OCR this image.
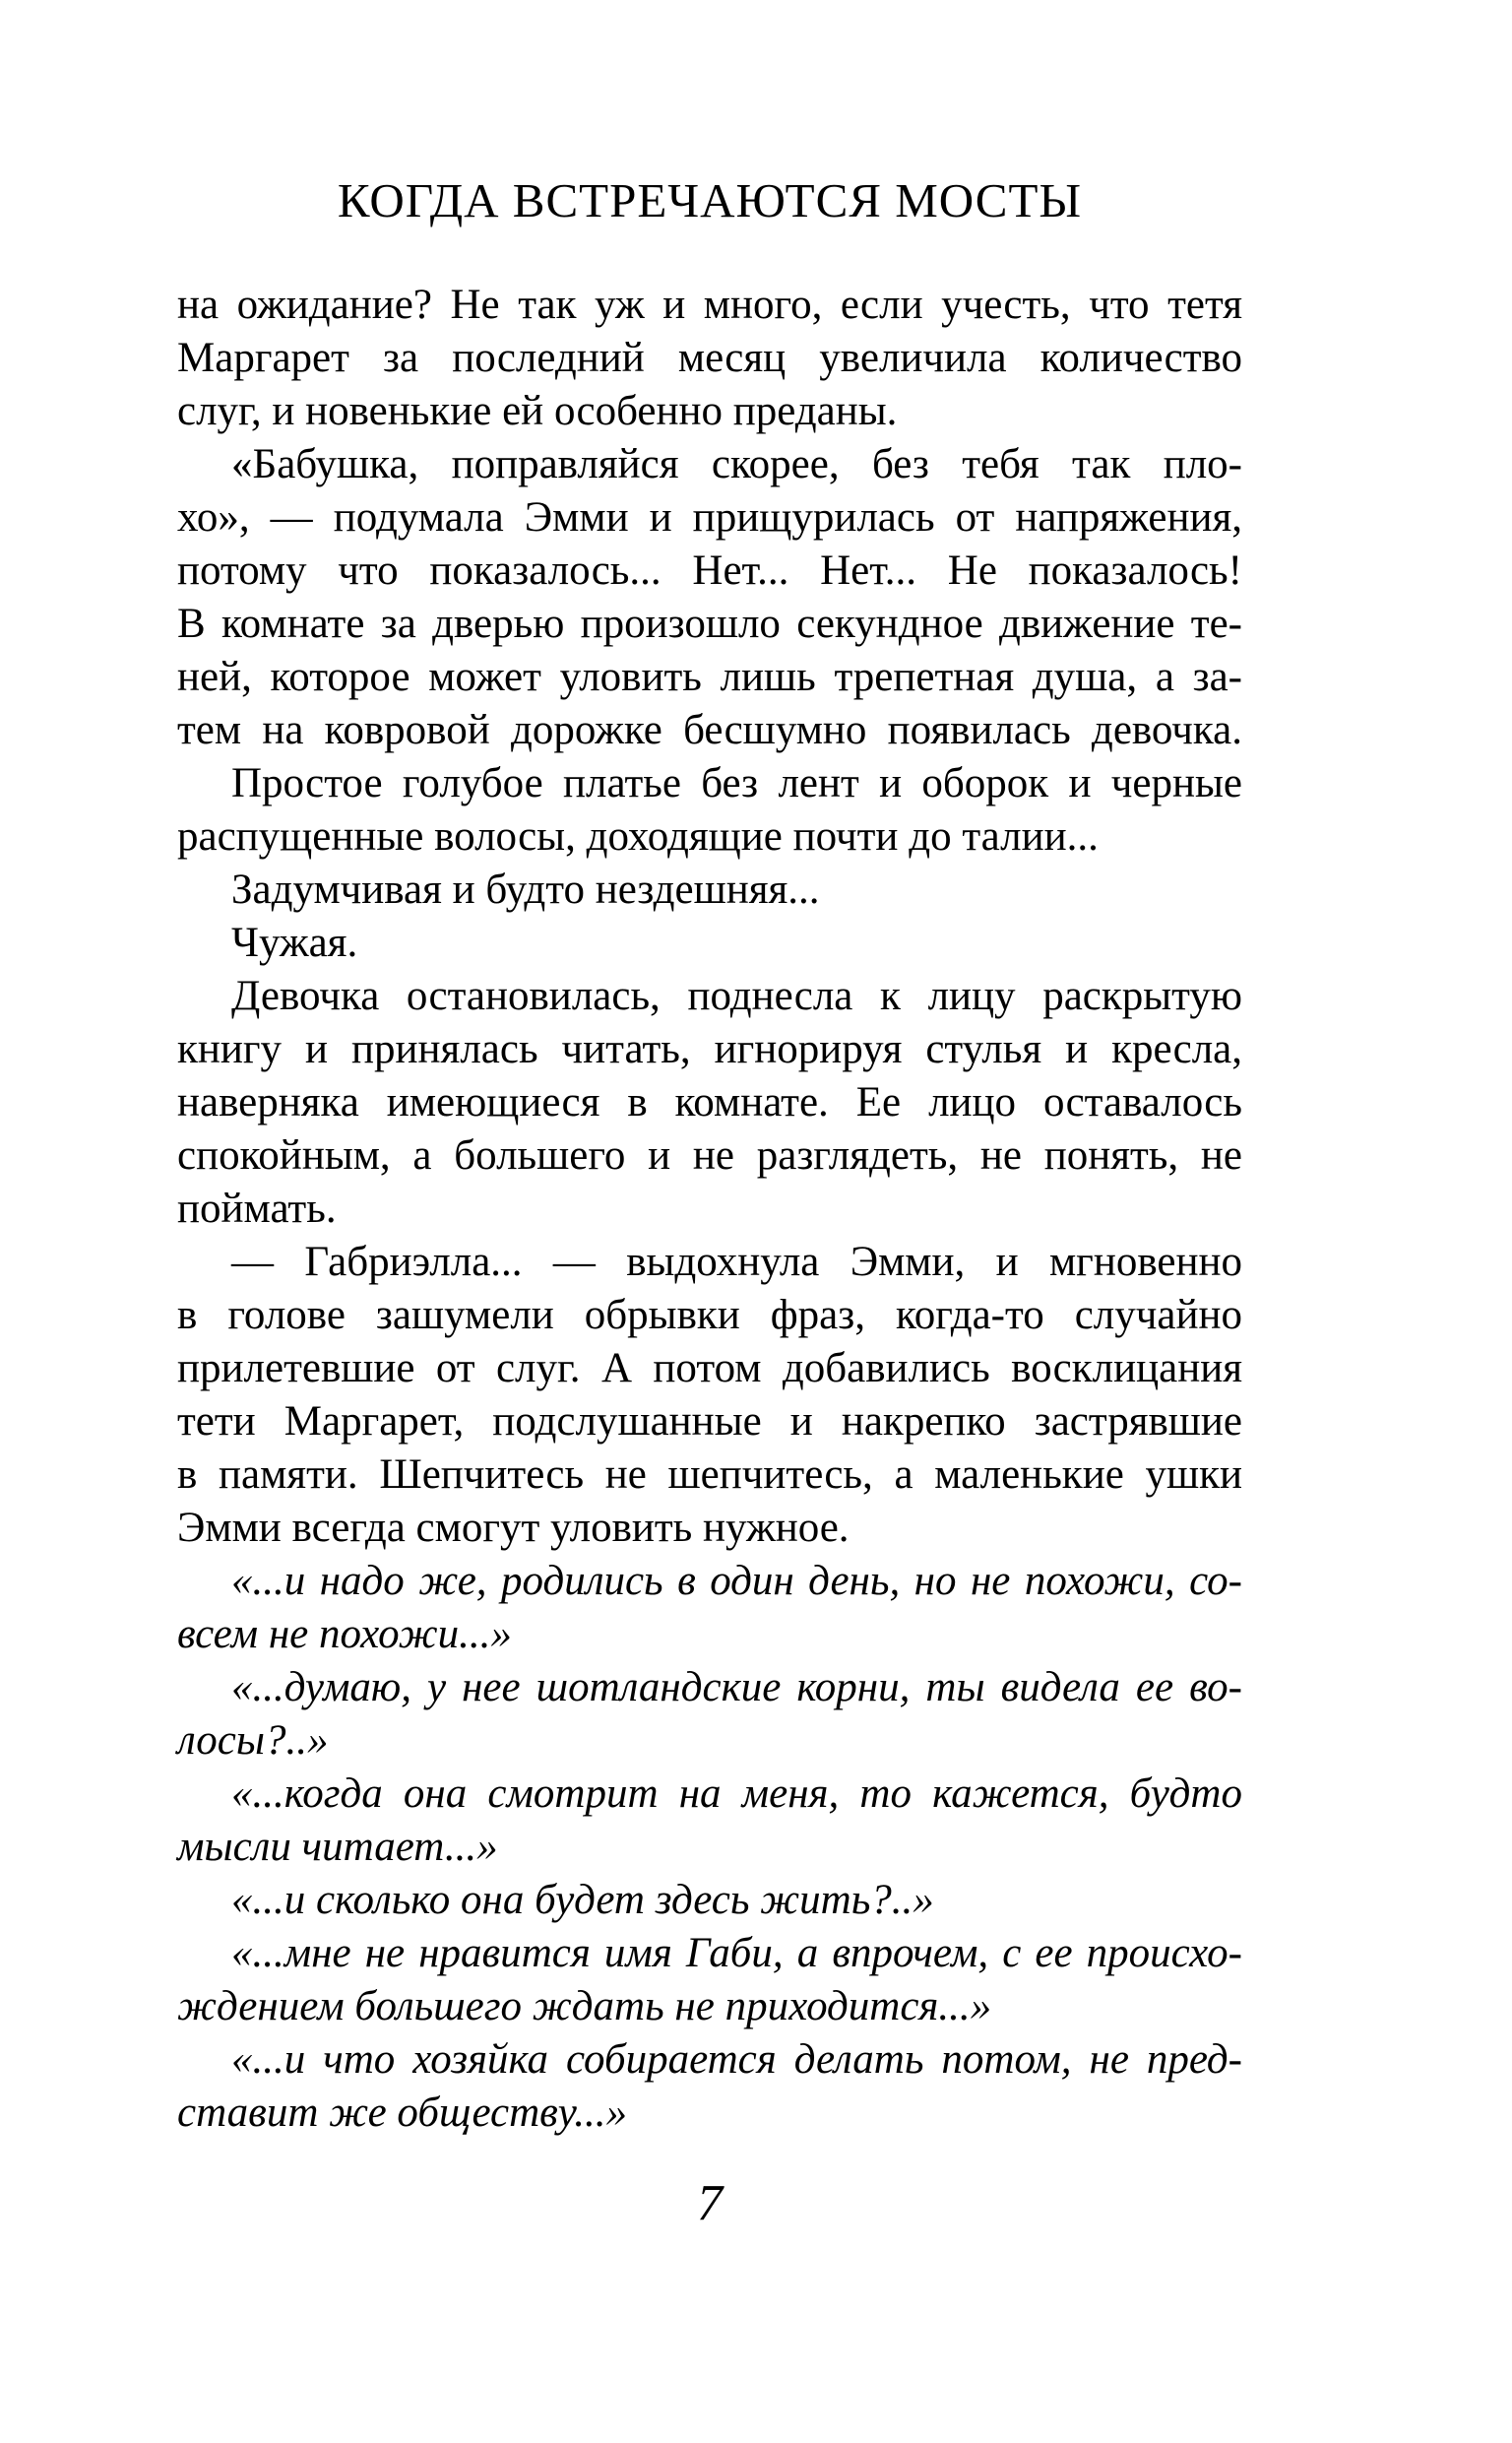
КОГДА ВСТРЕЧАЮТСЯ МОСТЫ
на ожидание? Не так уж и много, если учесть, что тетя
Маргарет за последний месяц увеличила количество
слуг, и новенькие ей особенно преданы.
«Бабушка, поправляйся скорее, без тебя так пло-
хо», — подумала Эмми и прищурилась от напряжения,
потому что показалось... Нет... Нет... Не показалось!
В комнате за дверью произошло секундное движение те-
ней, которое может уловить лишь трепетная душа, а за-
тем на ковровой дорожке бесшумно появилась девочка.
Простое голубое платье без лент и оборок и черные
распущенные волосы, доходящие почти до талии...
Задумчивая и будто нездешняя...
Чужая.
Девочка остановилась, поднесла к лицу раскрытую
книгу и принялась читать, игнорируя стулья и кресла,
наверняка имеющиеся в комнате. Ее лицо оставалось
спокойным, а большего и не разглядеть, не понять, не
поймать.
— Габриэлла... — выдохнула Эмми, и мгновенно
в голове зашумели обрывки фраз, когда-то случайно
прилетевшие от слуг. А потом добавились восклицания
тети Маргарет, подслушанные и накрепко застрявшие
в памяти. Шепчитесь не шепчитесь, а маленькие ушки
Эмми всегда смогут уловить нужное.
«...и надо же, родились в один день, но не похожи, со-
всем не похожи...»
«...думаю, у нее шотландские корни, ты видела ее во-
лосы?..»
«...когда она смотрит на меня, то кажется, будто
мысли читает...»
«...и сколько она будет здесь жить?..»
«...мне не нравится имя Габи, а впрочем, с ее происхо-
ждением большего ждать не приходится...»
«...и что хозяйка собирается делать потом, не пред-
ставит же обществу...»
7
